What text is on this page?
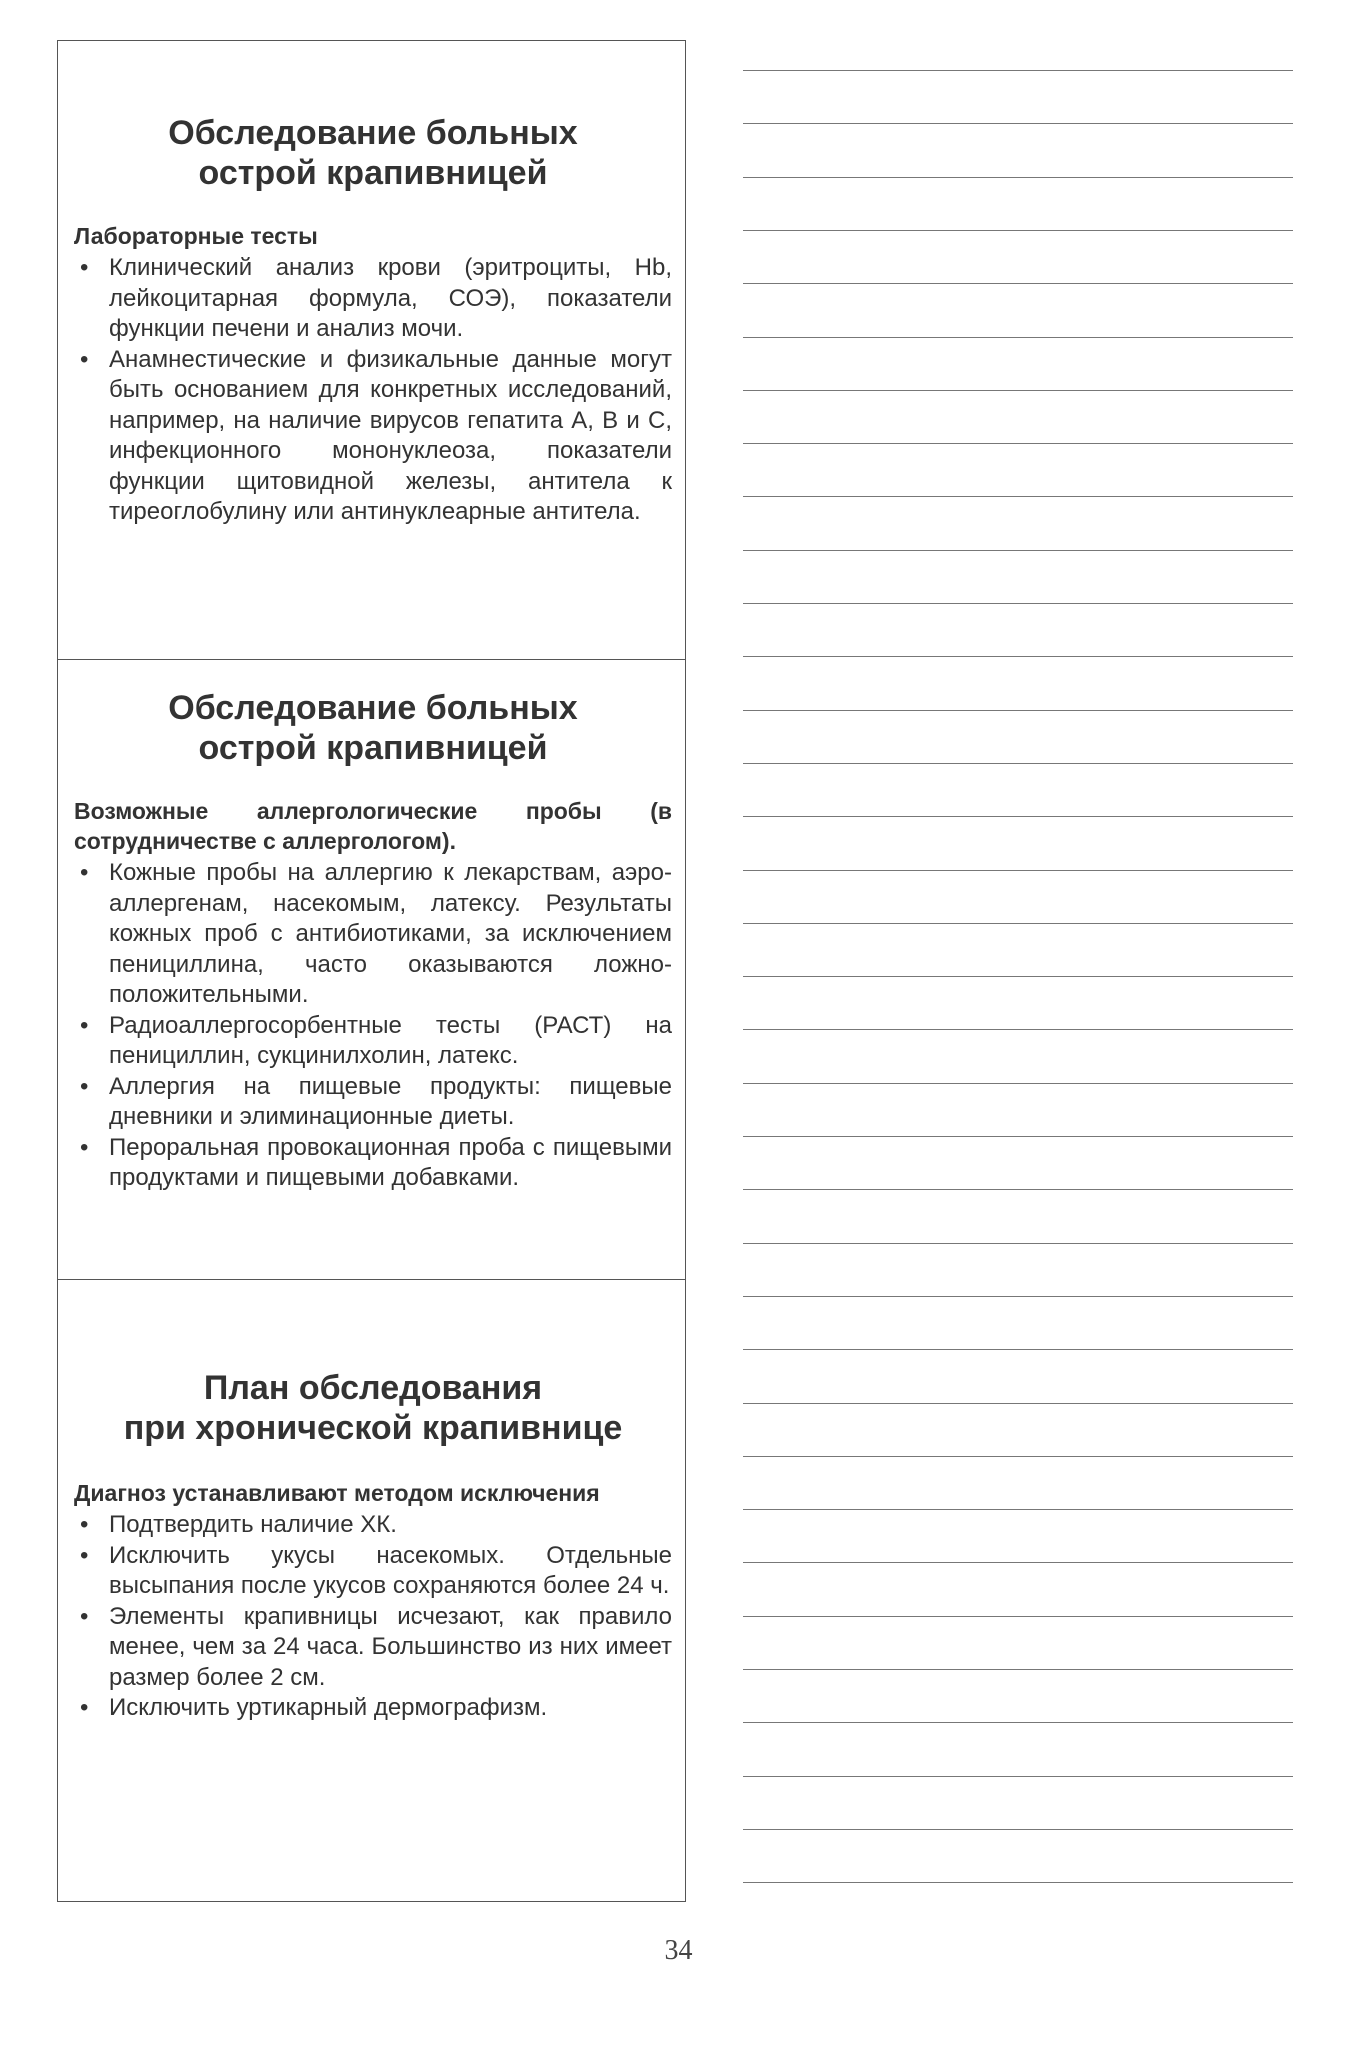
Обследование больных
острой крапивницей

Лабораторные тесты

• Клинический анализ крови (эритроциты, Hb, лейкоцитарная формула, СОЭ), показатели функции печени и анализ мочи.
• Анамнестические и физикальные данные могут быть основанием для конкретных исследований, например, на наличие вирусов гепатита А, В и С, инфекционного мононуклеоза, показатели функции щитовидной железы, антитела к тиреоглобулину или антинуклеарные антитела.
Обследование больных
острой крапивницей

Возможные аллергологические пробы (в сотрудничестве с аллергологом).

• Кожные пробы на аллергию к лекарствам, аэро-аллергенам, насекомым, латексу. Результаты кожных проб с антибиотиками, за исключением пенициллина, часто оказываются ложно-положительными.
• Радиоаллергосорбентные тесты (РАСТ) на пенициллин, сукцинилхолин, латекс.
• Аллергия на пищевые продукты: пищевые дневники и элиминационные диеты.
• Пероральная провокационная проба с пищевыми продуктами и пищевыми добавками.
План обследования
при хронической крапивнице

Диагноз устанавливают методом исключения

• Подтвердить наличие ХК.
• Исключить укусы насекомых. Отдельные высыпания после укусов сохраняются более 24 ч.
• Элементы крапивницы исчезают, как правило менее, чем за 24 часа. Большинство из них имеет размер более 2 см.
• Исключить уртикарный дермографизм.
34
